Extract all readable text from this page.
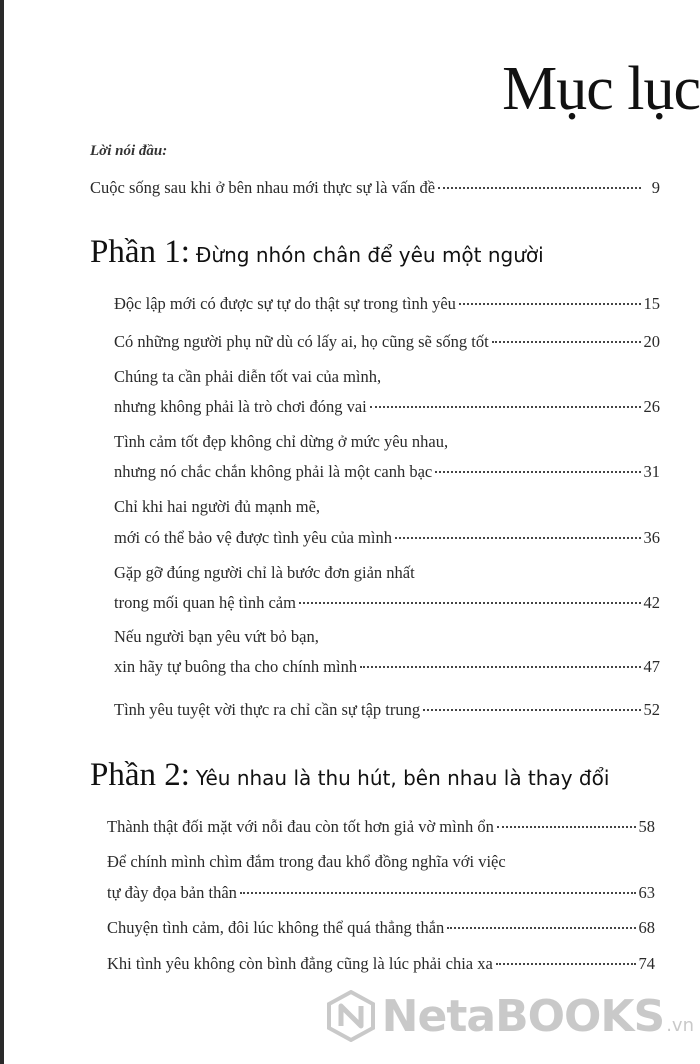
Mục lục
Lời nói đầu:
Cuộc sống sau khi ở bên nhau mới thực sự là vấn đề	9
Phần 1: Đừng nhón chân để yêu một người
Độc lập mới có được sự tự do thật sự trong tình yêu	15
Có những người phụ nữ dù có lấy ai, họ cũng sẽ sống tốt	20
Chúng ta cần phải diễn tốt vai của mình,
nhưng không phải là trò chơi đóng vai	26
Tình cảm tốt đẹp không chỉ dừng ở mức yêu nhau,
nhưng nó chắc chắn không phải là một canh bạc	31
Chỉ khi hai người đủ mạnh mẽ,
mới có thể bảo vệ được tình yêu của mình	36
Gặp gỡ đúng người chỉ là bước đơn giản nhất
trong mối quan hệ tình cảm	42
Nếu người bạn yêu vứt bỏ bạn,
xin hãy tự buông tha cho chính mình	47
Tình yêu tuyệt vời thực ra chỉ cần sự tập trung	52
Phần 2: Yêu nhau là thu hút, bên nhau là thay đổi
Thành thật đối mặt với nỗi đau còn tốt hơn giả vờ mình ổn	58
Để chính mình chìm đắm trong đau khổ đồng nghĩa với việc
tự đày đọa bản thân	63
Chuyện tình cảm, đôi lúc không thể quá thẳng thắn	68
Khi tình yêu không còn bình đẳng cũng là lúc phải chia xa	74
NetaBOOKS .vn
